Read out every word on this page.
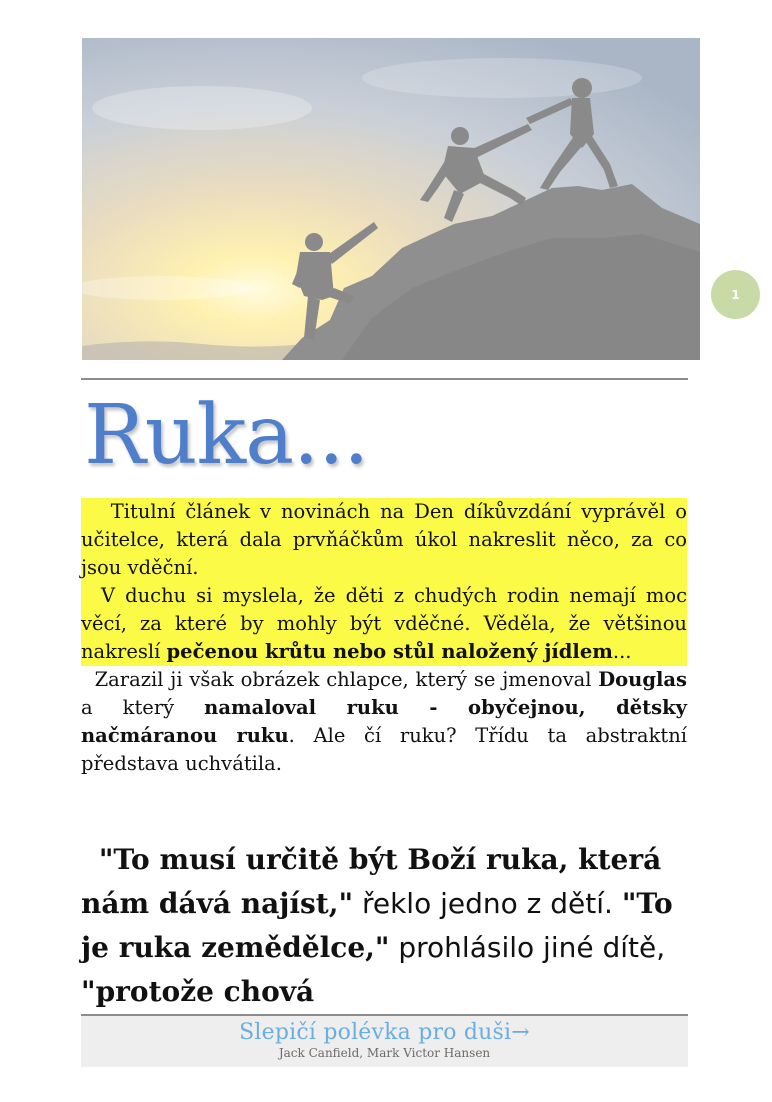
1
Ruka...

Titulní článek v novinách na Den díkůvzdání vyprávěl o učitelce, která dala prvňáčkům úkol nakreslit něco, za co jsou vděční.

V duchu si myslela, že děti z chudých rodin nemají moc věcí, za které by mohly být vděčné. Věděla, že většinou nakreslí pečenou krůtu nebo stůl naložený jídlem...

Zarazil ji však obrázek chlapce, který se jmenoval Douglas a který namaloval ruku - obyčejnou, dětsky načmáranou ruku. Ale čí ruku? Třídu ta abstraktní představa uchvátila.

"To musí určitě být Boží ruka, která nám dává najíst," řeklo jedno z dětí. "To je ruka zemědělce," prohlásilo jiné dítě, "protože chová

Slepičí polévka pro duši→
Jack Canfield, Mark Victor Hansen
